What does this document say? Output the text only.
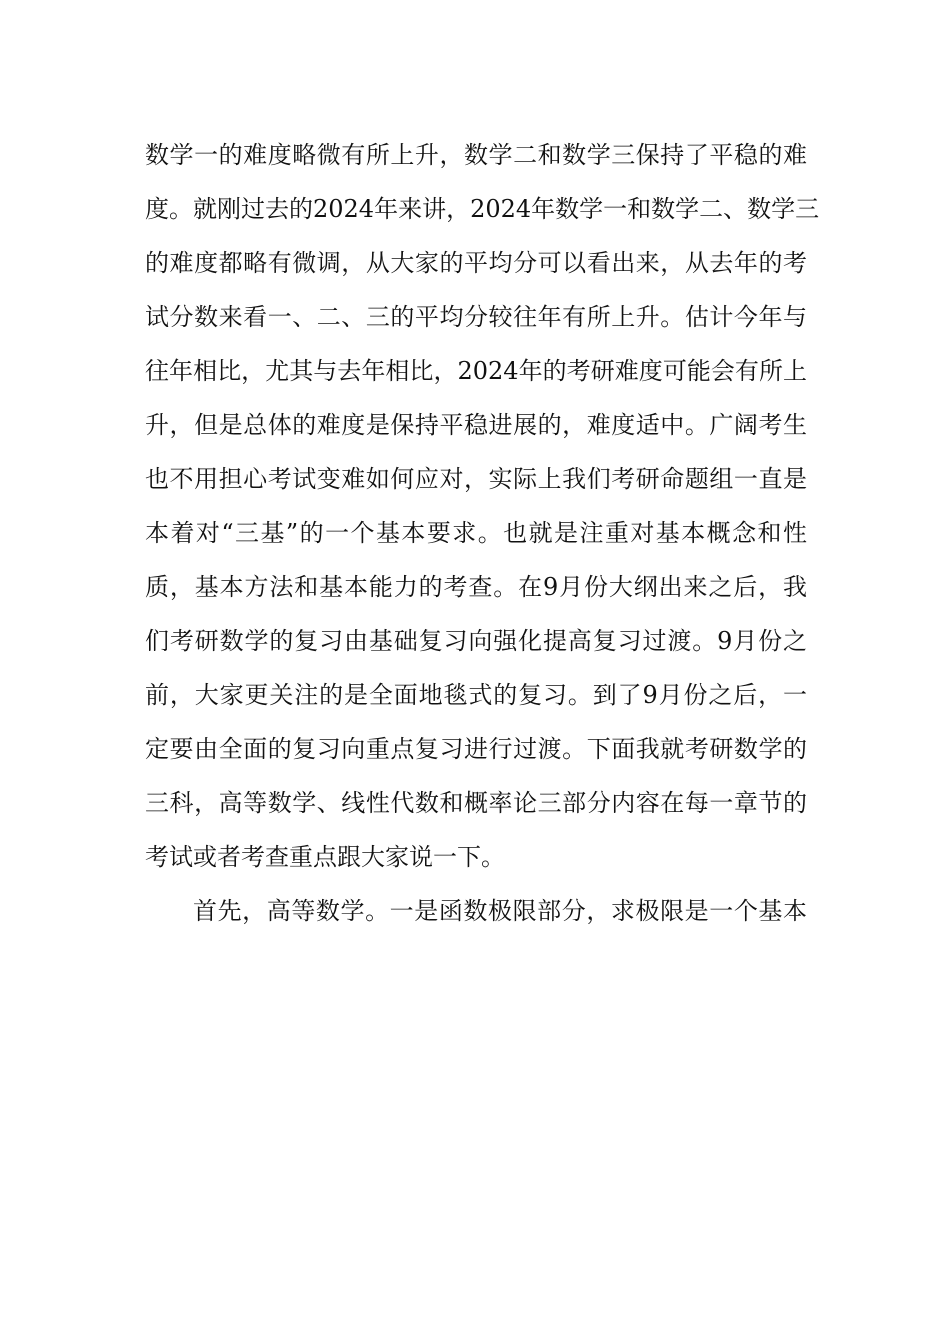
数学一的难度略微有所上升，数学二和数学三保持了平稳的难
度。就刚过去的2024年来讲，2024年数学一和数学二、数学三
的难度都略有微调，从大家的平均分可以看出来，从去年的考
试分数来看一、二、三的平均分较往年有所上升。估计今年与
往年相比，尤其与去年相比，2024年的考研难度可能会有所上
升，但是总体的难度是保持平稳进展的，难度适中。广阔考生
也不用担心考试变难如何应对，实际上我们考研命题组一直是
本着对“三基”的一个基本要求。也就是注重对基本概念和性
质，基本方法和基本能力的考查。在9月份大纲出来之后，我
们考研数学的复习由基础复习向强化提高复习过渡。9月份之
前，大家更关注的是全面地毯式的复习。到了9月份之后，一
定要由全面的复习向重点复习进行过渡。下面我就考研数学的
三科，高等数学、线性代数和概率论三部分内容在每一章节的
考试或者考查重点跟大家说一下。
首先，高等数学。一是函数极限部分，求极限是一个基本
